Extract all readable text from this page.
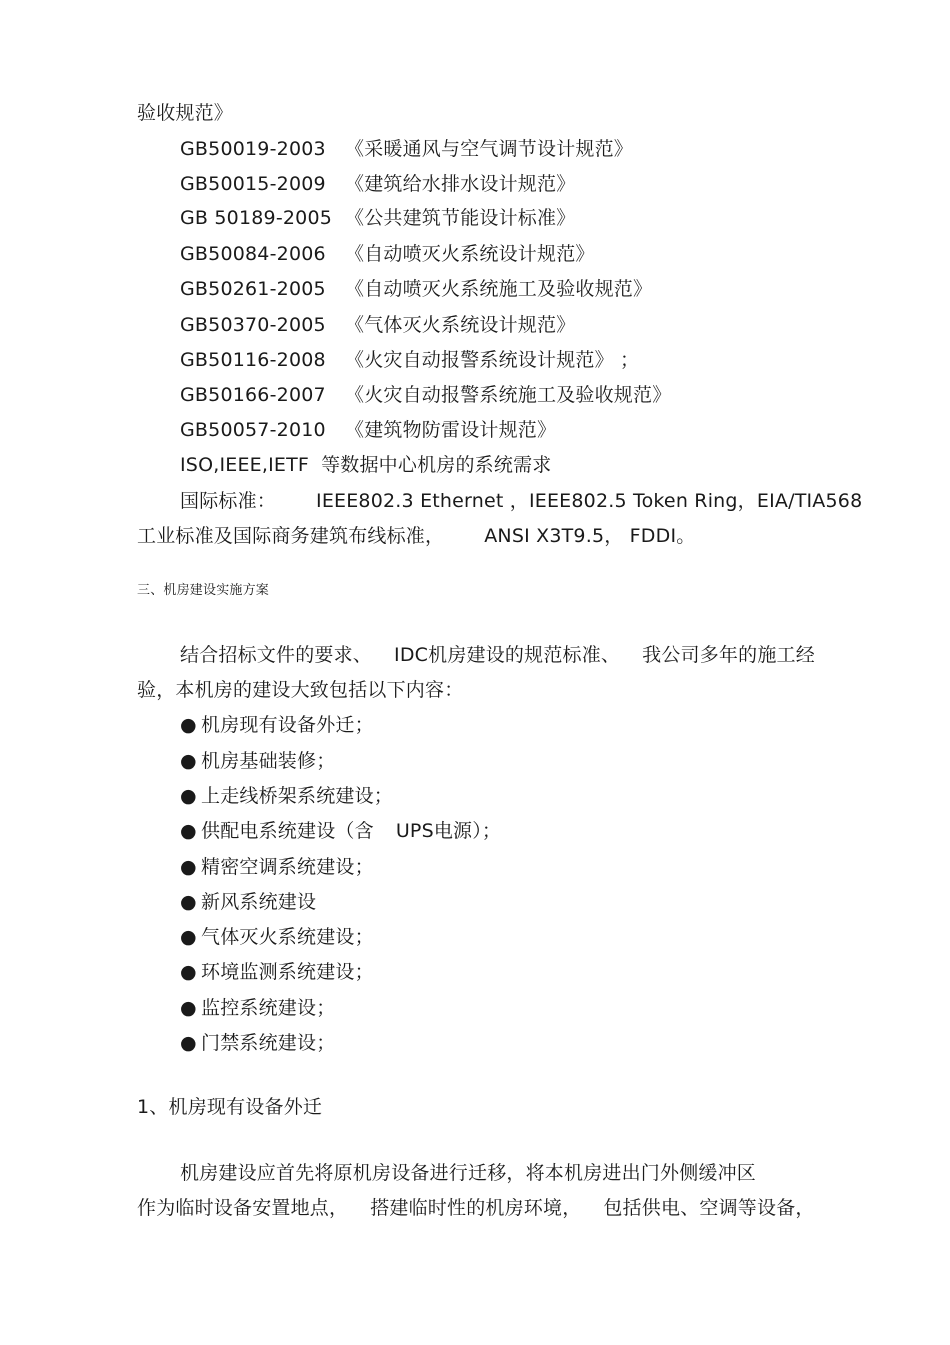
验收规范》
GB50019-2003 《采暖通风与空气调节设计规范》
GB50015-2009 《建筑给水排水设计规范》
GB 50189-2005 《公共建筑节能设计标准》
GB50084-2006 《自动喷灭火系统设计规范》
GB50261-2005 《自动喷灭火系统施工及验收规范》
GB50370-2005 《气体灭火系统设计规范》
GB50116-2008 《火灾自动报警系统设计规范》 ；
GB50166-2007 《火灾自动报警系统施工及验收规范》
GB50057-2010 《建筑物防雷设计规范》
ISO,IEEE,IETF 等数据中心机房的系统需求
国际标准： IEEE802.3 Ethernet ，IEEE802.5 Token Ring，EIA/TIA568
工业标准及国际商务建筑布线标准， ANSI X3T9.5， FDDI。
三、机房建设实施方案
结合招标文件的要求、 IDC机房建设的规范标准、 我公司多年的施工经
验，本机房的建设大致包括以下内容：
● 机房现有设备外迁；
● 机房基础装修；
● 上走线桥架系统建设；
● 供配电系统建设（含 UPS电源）；
● 精密空调系统建设；
● 新风系统建设
● 气体灭火系统建设；
● 环境监测系统建设；
● 监控系统建设；
● 门禁系统建设；
1、机房现有设备外迁
机房建设应首先将原机房设备进行迁移，将本机房进出门外侧缓冲区
作为临时设备安置地点， 搭建临时性的机房环境， 包括供电、空调等设备，
